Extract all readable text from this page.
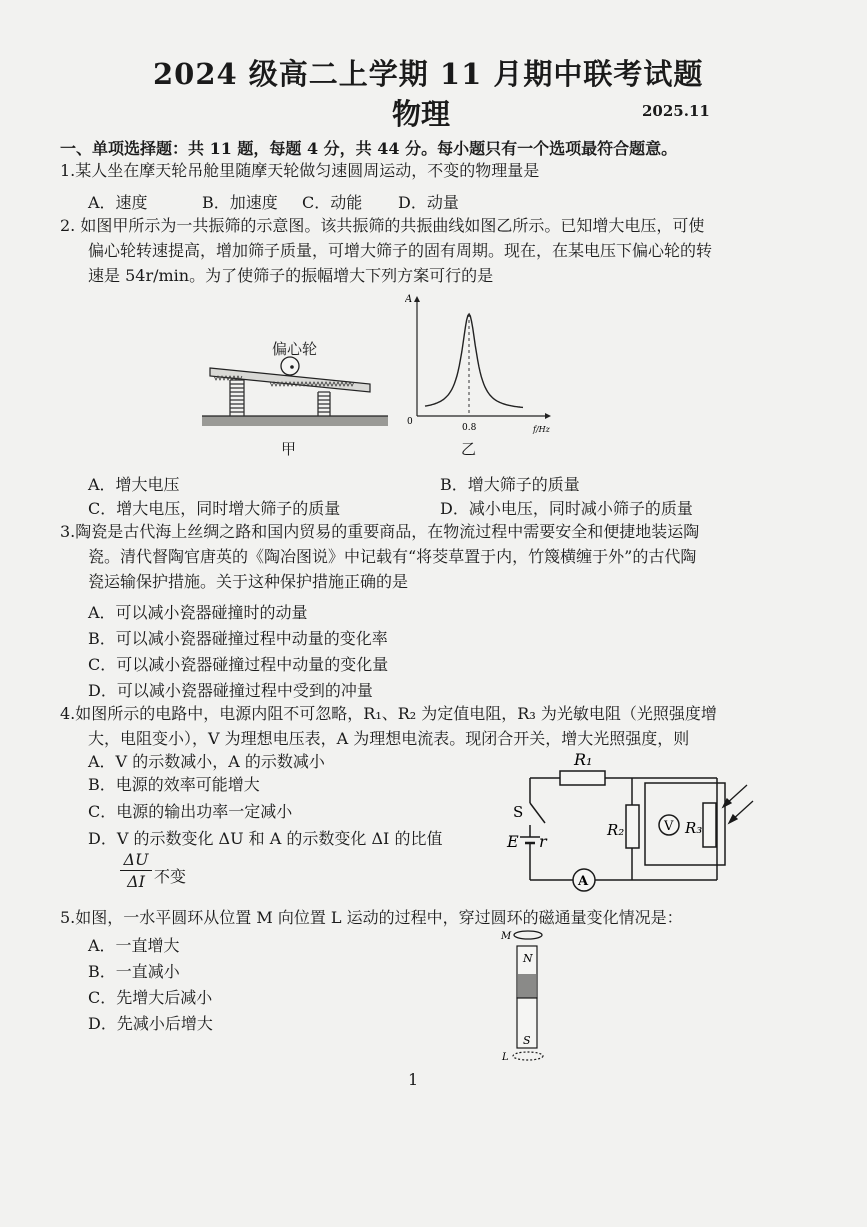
2024 级高二上学期 11 月期中联考试题
物理	2025.11
一、单项选择题：共 11 题，每题 4 分，共 44 分。每小题只有一个选项最符合题意。
1.某人坐在摩天轮吊舱里随摩天轮做匀速圆周运动，不变的物理量是
A．速度	B．加速度 C．动能 D．动量
2. 如图甲所示为一共振筛的示意图。该共振筛的共振曲线如图乙所示。已知增大电压，可使
偏心轮转速提高，增加筛子质量，可增大筛子的固有周期。现在，在某电压下偏心轮的转
速是 54r/min。为了使筛子的振幅增大下列方案可行的是
偏心轮
甲
A
0
0.8	f/Hz
乙
A．增大电压	B．增大筛子的质量
C．增大电压，同时增大筛子的质量	D．减小电压，同时减小筛子的质量
3.陶瓷是古代海上丝绸之路和国内贸易的重要商品，在物流过程中需要安全和便捷地装运陶
瓷。清代督陶官唐英的《陶冶图说》中记载有“将茭草置于内，竹篾横缠于外”的古代陶
瓷运输保护措施。关于这种保护措施正确的是
A．可以减小瓷器碰撞时的动量
B．可以减小瓷器碰撞过程中动量的变化率
C．可以减小瓷器碰撞过程中动量的变化量
D．可以减小瓷器碰撞过程中受到的冲量
4.如图所示的电路中，电源内阻不可忽略，R₁、R₂ 为定值电阻，R₃ 为光敏电阻（光照强度增
大，电阻变小），V 为理想电压表，A 为理想电流表。现闭合开关，增大光照强度，则
A．V 的示数减小，A 的示数减小
B．电源的效率可能增大
C．电源的输出功率一定减小
D．V 的示数变化 ΔU 和 A 的示数变化 ΔI 的比值
ΔU
ΔI 不变
R₁
R₂	R₃
S
E r
V
A
5.如图，一水平圆环从位置 M 向位置 L 运动的过程中，穿过圆环的磁通量变化情况是：
A．一直增大
B．一直减小
C．先增大后减小
D．先减小后增大
M
N
S
L
1
